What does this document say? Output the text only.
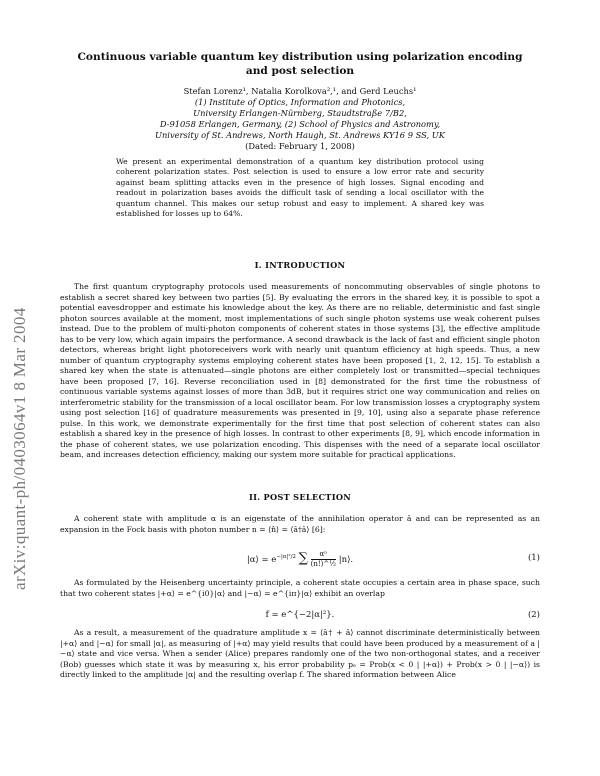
arXiv:quant-ph/0403064v1 8 Mar 2004
Continuous variable quantum key distribution using polarization encoding and post selection
Stefan Lorenz¹, Natalia Korolkova²,¹, and Gerd Leuchs¹
(1) Institute of Optics, Information and Photonics,
University Erlangen-Nürnberg, Staudtstraße 7/B2,
D-91058 Erlangen, Germany, (2) School of Physics and Astronomy,
University of St. Andrews, North Haugh, St. Andrews KY16 9 SS, UK
(Dated: February 1, 2008)
We present an experimental demonstration of a quantum key distribution protocol using coherent polarization states. Post selection is used to ensure a low error rate and security against beam splitting attacks even in the presence of high losses. Signal encoding and readout in polarization bases avoids the difficult task of sending a local oscillator with the quantum channel. This makes our setup robust and easy to implement. A shared key was established for losses up to 64%.
I. INTRODUCTION
The first quantum cryptography protocols used measurements of noncommuting observables of single photons to establish a secret shared key between two parties [5]. By evaluating the errors in the shared key, it is possible to spot a potential eavesdropper and estimate his knowledge about the key. As there are no reliable, deterministic and fast single photon sources available at the moment, most implementations of such single photon systems use weak coherent pulses instead. Due to the problem of multi-photon components of coherent states in those systems [3], the effective amplitude has to be very low, which again impairs the performance. A second drawback is the lack of fast and efficient single photon detectors, whereas bright light photoreceivers work with nearly unit quantum efficiency at high speeds. Thus, a new number of quantum cryptography systems employing coherent states have been proposed [1, 2, 12, 15]. To establish a shared key when the state is attenuated—single photons are either completely lost or transmitted—special techniques have been proposed [7, 16]. Reverse reconciliation used in [8] demonstrated for the first time the robustness of continuous variable systems against losses of more than 3dB, but it requires strict one way communication and relies on interferometric stability for the transmission of a local oscillator beam. For low transmission losses a cryptography system using post selection [16] of quadrature measurements was presented in [9, 10], using also a separate phase reference pulse. In this work, we demonstrate experimentally for the first time that post selection of coherent states can also establish a shared key in the presence of high losses. In contrast to other experiments [8, 9], which encode information in the phase of coherent states, we use polarization encoding. This dispenses with the need of a separate local oscillator beam, and increases detection efficiency, making our system more suitable for practical applications.
II. POST SELECTION
A coherent state with amplitude α is an eigenstate of the annihilation operator â and can be represented as an expansion in the Fock basis with photon number n = ⟨n̂⟩ = ⟨â†â⟩ [6]:
|α⟩ = $e^{-|\alpha|^2/2}$ ∑ $\frac{\text{αⁿ}}{\text{(n!)\textasciicircum{}½}}$ |n⟩.	(1)
As formulated by the Heisenberg uncertainty principle, a coherent state occupies a certain area in phase space, such that two coherent states |+α⟩ = e^{i0}|α⟩ and |−α⟩ = e^{iπ}|α⟩ exhibit an overlap
f = e^{−2|α|²}.	(2)
As a result, a measurement of the quadrature amplitude x = ⟨â† + â⟩ cannot discriminate deterministically between |+α⟩ and |−α⟩ for small |α|, as measuring of |+α⟩ may yield results that could have been produced by a measurement of a |−α⟩ state and vice versa. When a sender (Alice) prepares randomly one of the two non-orthogonal states, and a receiver (Bob) guesses which state it was by measuring x, his error probability pₑ = Prob(x < 0 | |+α⟩) + Prob(x > 0 | |−α⟩) is directly linked to the amplitude |α| and the resulting overlap f. The shared information between Alice
